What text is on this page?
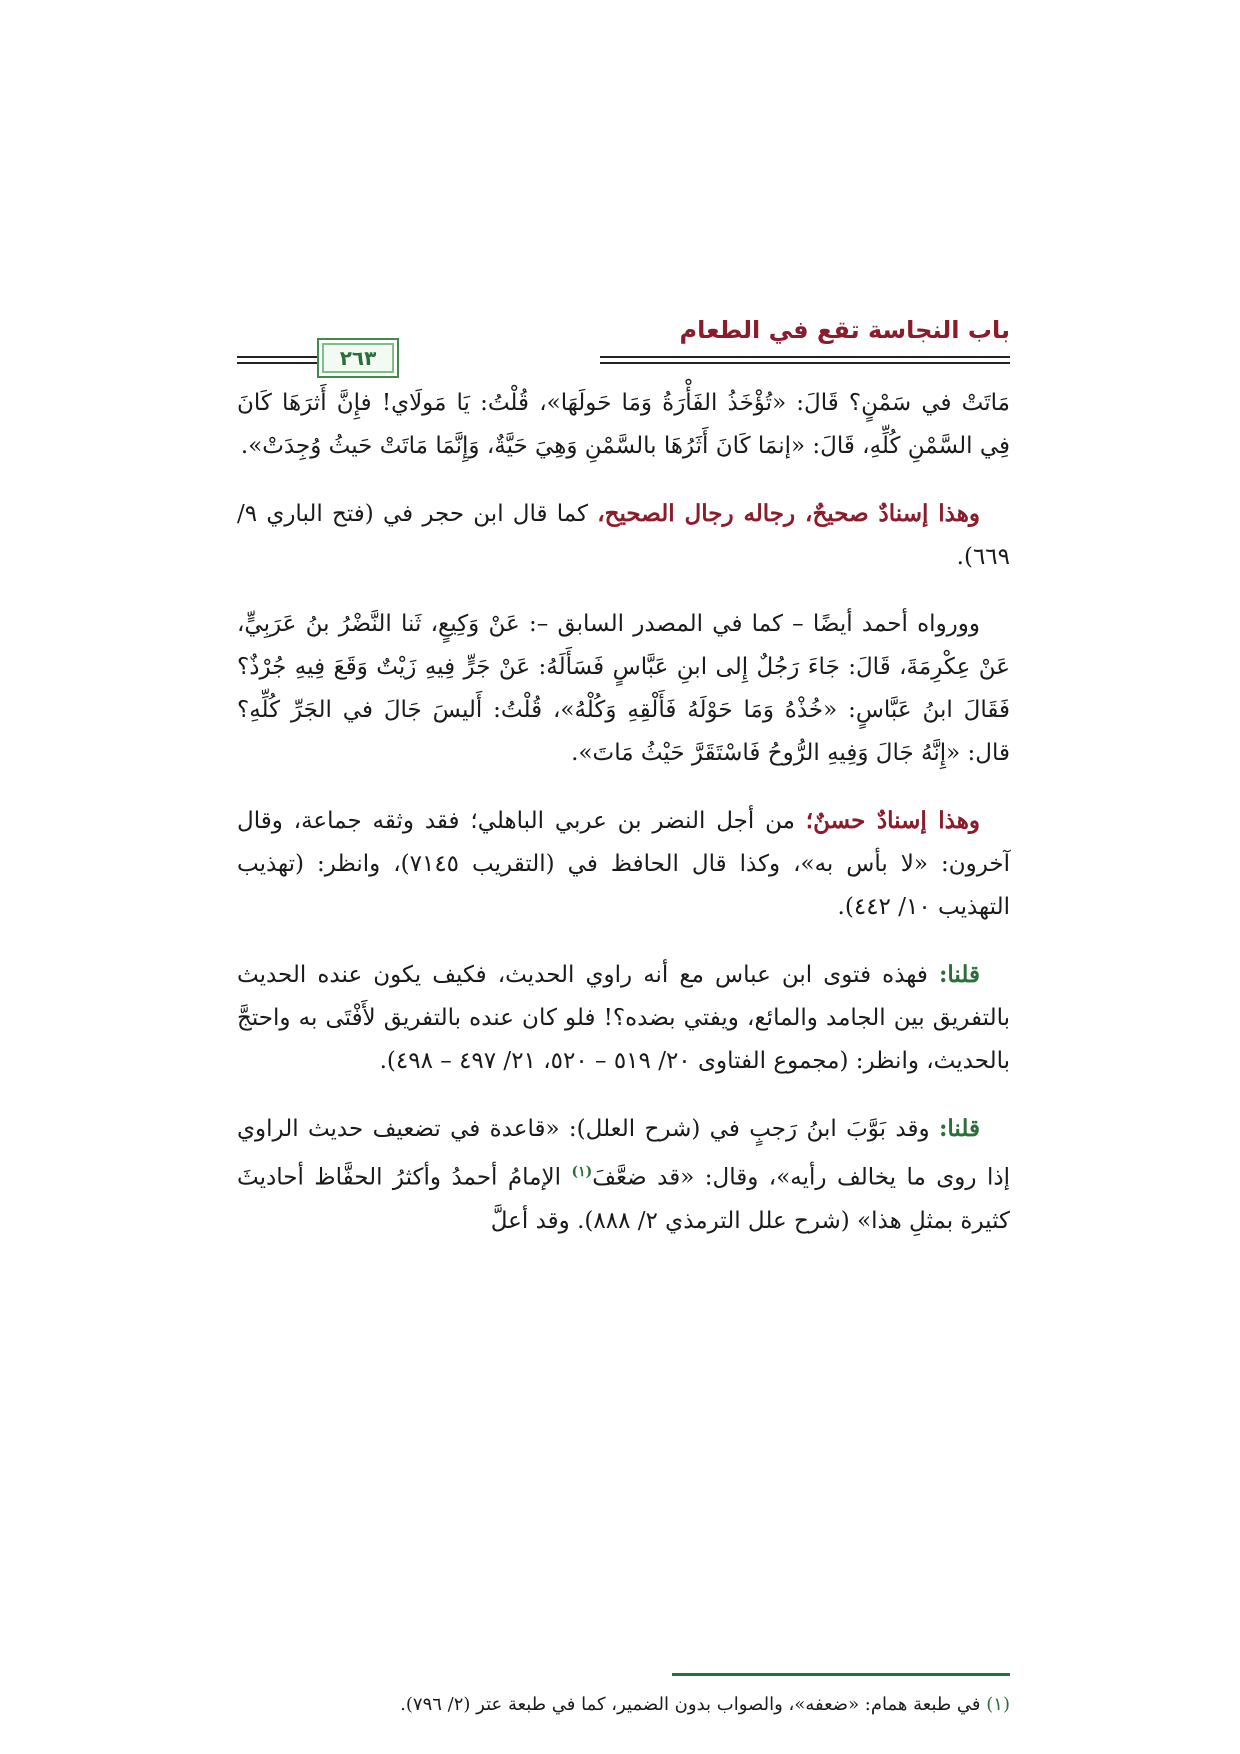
باب النجاسة تقع في الطعام
٢٦٣

مَاتَتْ في سَمْنٍ؟ قَالَ: «تُؤْخَذُ الفَأْرَةُ وَمَا حَولَهَا»، قُلْتُ: يَا مَولَاي! فإِنَّ أَثرَهَا كَانَ فِي السَّمْنِ كُلِّهِ، قَالَ: «إنمَا كَانَ أَثَرُهَا بالسَّمْنِ وَهِيَ حَيَّةٌ، وَإِنَّمَا مَاتَتْ حَيثُ وُجِدَتْ».

وهذا إسنادٌ صحيحٌ، رجاله رجال الصحيح، كما قال ابن حجر في (فتح الباري ٩/ ٦٦٩).

وورواه أحمد أيضًا – كما في المصدر السابق –: عَنْ وَكِيعٍ، ثَنا النَّضْرُ بنُ عَرَبِيٍّ، عَنْ عِكْرِمَةَ، قَالَ: جَاءَ رَجُلٌ إِلى ابنِ عَبَّاسٍ فَسَأَلَهُ: عَنْ جَرٍّ فِيهِ زَيْتٌ وَقَعَ فِيهِ جُرْذٌ؟ فَقَالَ ابنُ عَبَّاسٍ: «خُذْهُ وَمَا حَوْلَهُ فَأَلْقِهِ وَكُلْهُ»، قُلْتُ: أَليسَ جَالَ في الجَرِّ كُلِّهِ؟ قال: «إِنَّهُ جَالَ وَفِيهِ الرُّوحُ فَاسْتَقَرَّ حَيْثُ مَاتَ».

وهذا إسنادٌ حسنٌ؛ من أجل النضر بن عربي الباهلي؛ فقد وثقه جماعة، وقال آخرون: «لا بأس به»، وكذا قال الحافظ في (التقريب ٧١٤٥)، وانظر: (تهذيب التهذيب ١٠/ ٤٤٢).

قلنا: فهذه فتوى ابن عباس مع أنه راوي الحديث، فكيف يكون عنده الحديث بالتفريق بين الجامد والمائع، ويفتي بضده؟! فلو كان عنده بالتفريق لأَفْتَى به واحتجَّ بالحديث، وانظر: (مجموع الفتاوى ٢٠/ ٥١٩ – ٥٢٠، ٢١/ ٤٩٧ – ٤٩٨).

قلنا: وقد بَوَّبَ ابنُ رَجبٍ في (شرح العلل): «قاعدة في تضعيف حديث الراوي إذا روى ما يخالف رأيه»، وقال: «قد ضعَّفَ$^{(١)}$ الإمامُ أحمدُ وأكثرُ الحفَّاظ أحاديثَ كثيرة بمثلِ هذا» (شرح علل الترمذي ٢/ ٨٨٨). وقد أعلَّ

(١) في طبعة همام: «ضعفه»، والصواب بدون الضمير، كما في طبعة عتر (٢/ ٧٩٦).
